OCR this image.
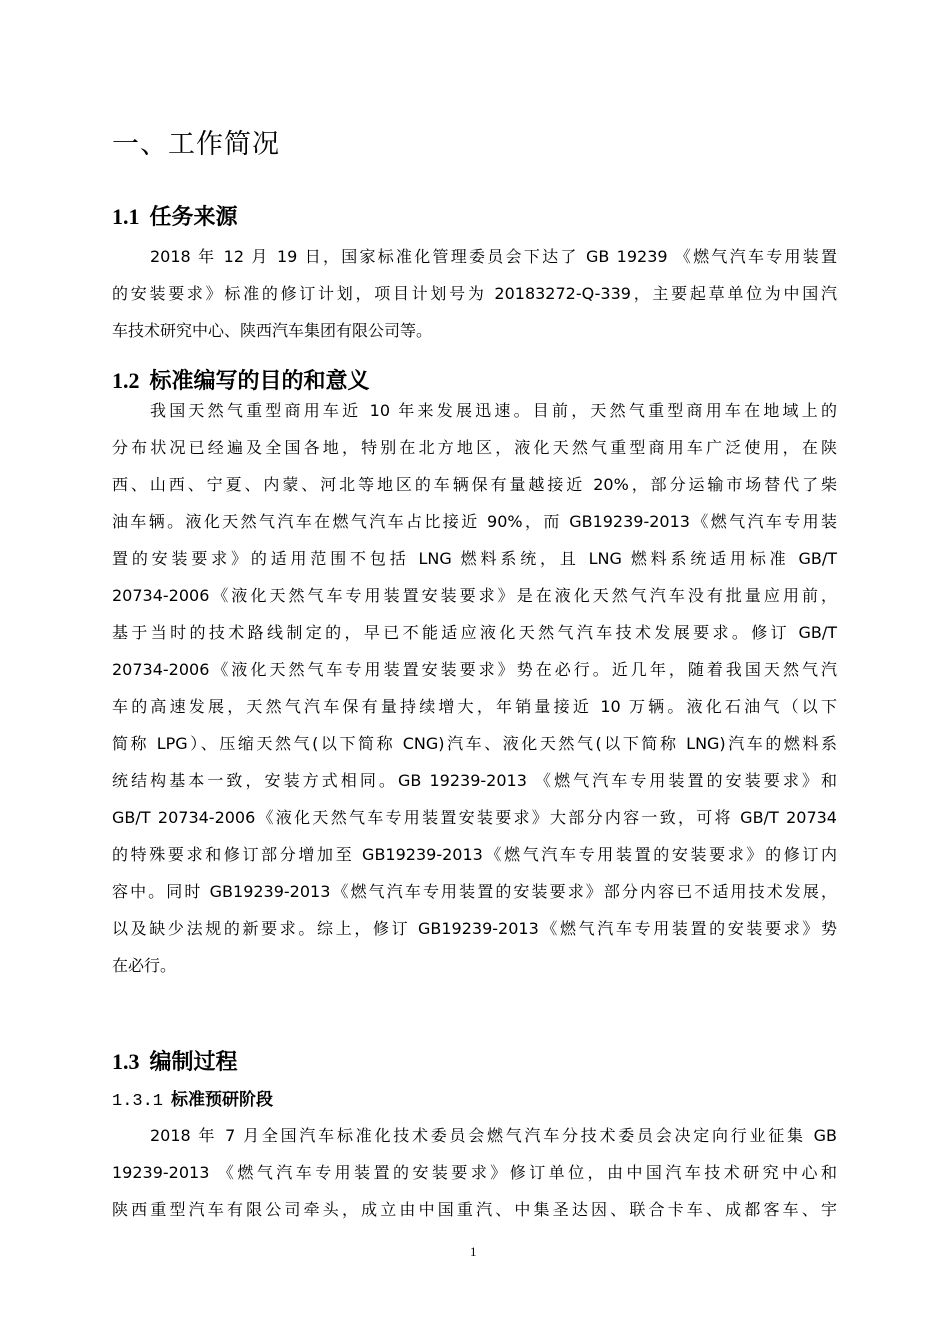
一、工作简况
1.1 任务来源
2018 年 12 月 19 日，国家标准化管理委员会下达了 GB 19239 《燃气汽车专用装置
的安装要求》标准的修订计划，项目计划号为 20183272-Q-339，主要起草单位为中国汽
车技术研究中心、陕西汽车集团有限公司等。
1.2 标准编写的目的和意义
我国天然气重型商用车近 10 年来发展迅速。目前，天然气重型商用车在地域上的
分布状况已经遍及全国各地，特别在北方地区，液化天然气重型商用车广泛使用，在陕
西、山西、宁夏、内蒙、河北等地区的车辆保有量越接近 20%，部分运输市场替代了柴
油车辆。液化天然气汽车在燃气汽车占比接近 90%，而 GB19239-2013《燃气汽车专用装
置的安装要求》的适用范围不包括 LNG 燃料系统，且 LNG 燃料系统适用标准 GB/T
20734-2006《液化天然气车专用装置安装要求》是在液化天然气汽车没有批量应用前，
基于当时的技术路线制定的，早已不能适应液化天然气汽车技术发展要求。修订 GB/T
20734-2006《液化天然气车专用装置安装要求》势在必行。近几年，随着我国天然气汽
车的高速发展，天然气汽车保有量持续增大，年销量接近 10 万辆。液化石油气（以下
简称 LPG）、压缩天然气(以下简称 CNG)汽车、液化天然气(以下简称 LNG)汽车的燃料系
统结构基本一致，安装方式相同。GB 19239-2013 《燃气汽车专用装置的安装要求》和
GB/T 20734-2006《液化天然气车专用装置安装要求》大部分内容一致，可将 GB/T 20734
的特殊要求和修订部分增加至 GB19239-2013《燃气汽车专用装置的安装要求》的修订内
容中。同时 GB19239-2013《燃气汽车专用装置的安装要求》部分内容已不适用技术发展，
以及缺少法规的新要求。综上，修订 GB19239-2013《燃气汽车专用装置的安装要求》势
在必行。
1.3 编制过程
1.3.1 标准预研阶段
2018 年 7 月全国汽车标准化技术委员会燃气汽车分技术委员会决定向行业征集 GB
19239-2013 《燃气汽车专用装置的安装要求》修订单位，由中国汽车技术研究中心和
陕西重型汽车有限公司牵头，成立由中国重汽、中集圣达因、联合卡车、成都客车、宇
1
